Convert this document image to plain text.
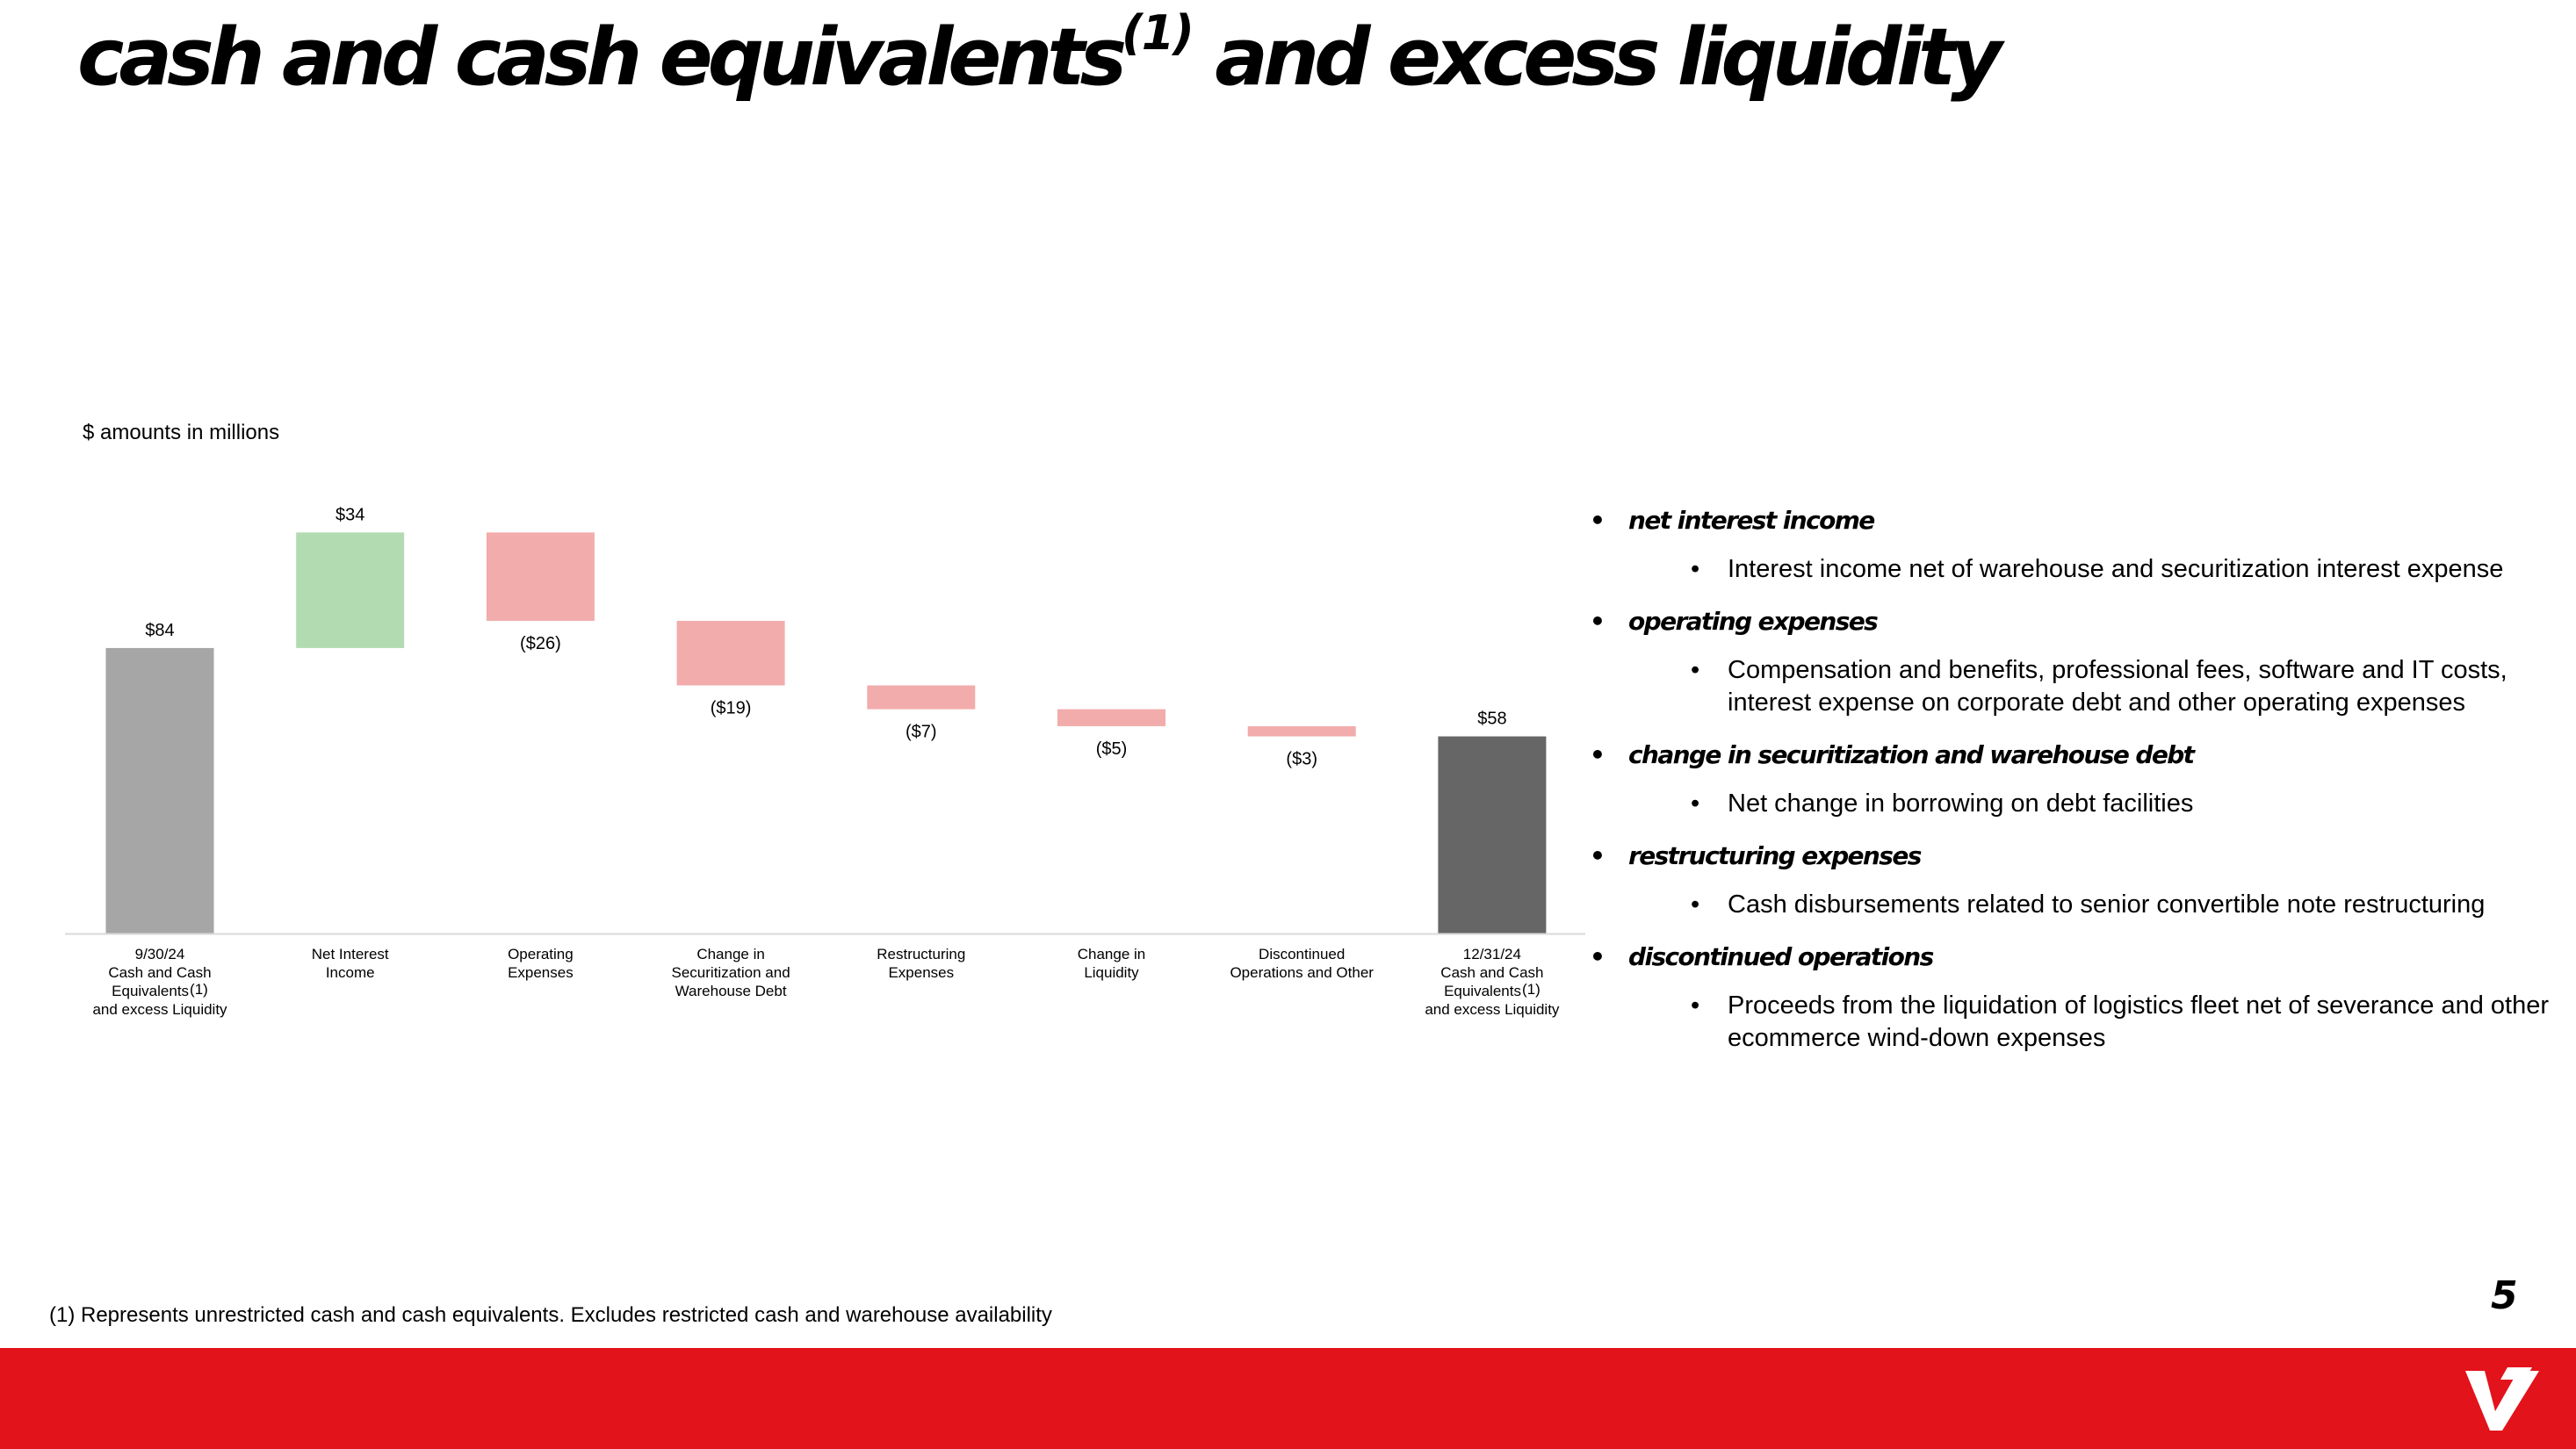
cash and cash equivalents$^{(1)}$ and excess liquidity
$ amounts in millions
$84
9/30/24
Cash and Cash
Equivalents(1)
and excess Liquidity
$34
Net Interest
Income
($26)
Operating
Expenses
($19)
Change in
Securitization and
Warehouse Debt
($7)
Restructuring
Expenses
($5)
Change in
Liquidity
($3)
Discontinued
Operations and Other
$58
12/31/24
Cash and Cash
Equivalents(1)
and excess Liquidity
• net interest income
• Interest income net of warehouse and securitization interest expense
• operating expenses
• Compensation and benefits, professional fees, software and IT costs, interest expense on corporate debt and other operating expenses
• change in securitization and warehouse debt
• Net change in borrowing on debt facilities
• restructuring expenses
• Cash disbursements related to senior convertible note restructuring
• discontinued operations
• Proceeds from the liquidation of logistics fleet net of severance and other ecommerce wind-down expenses
(1) Represents unrestricted cash and cash equivalents. Excludes restricted cash and warehouse availability	5
